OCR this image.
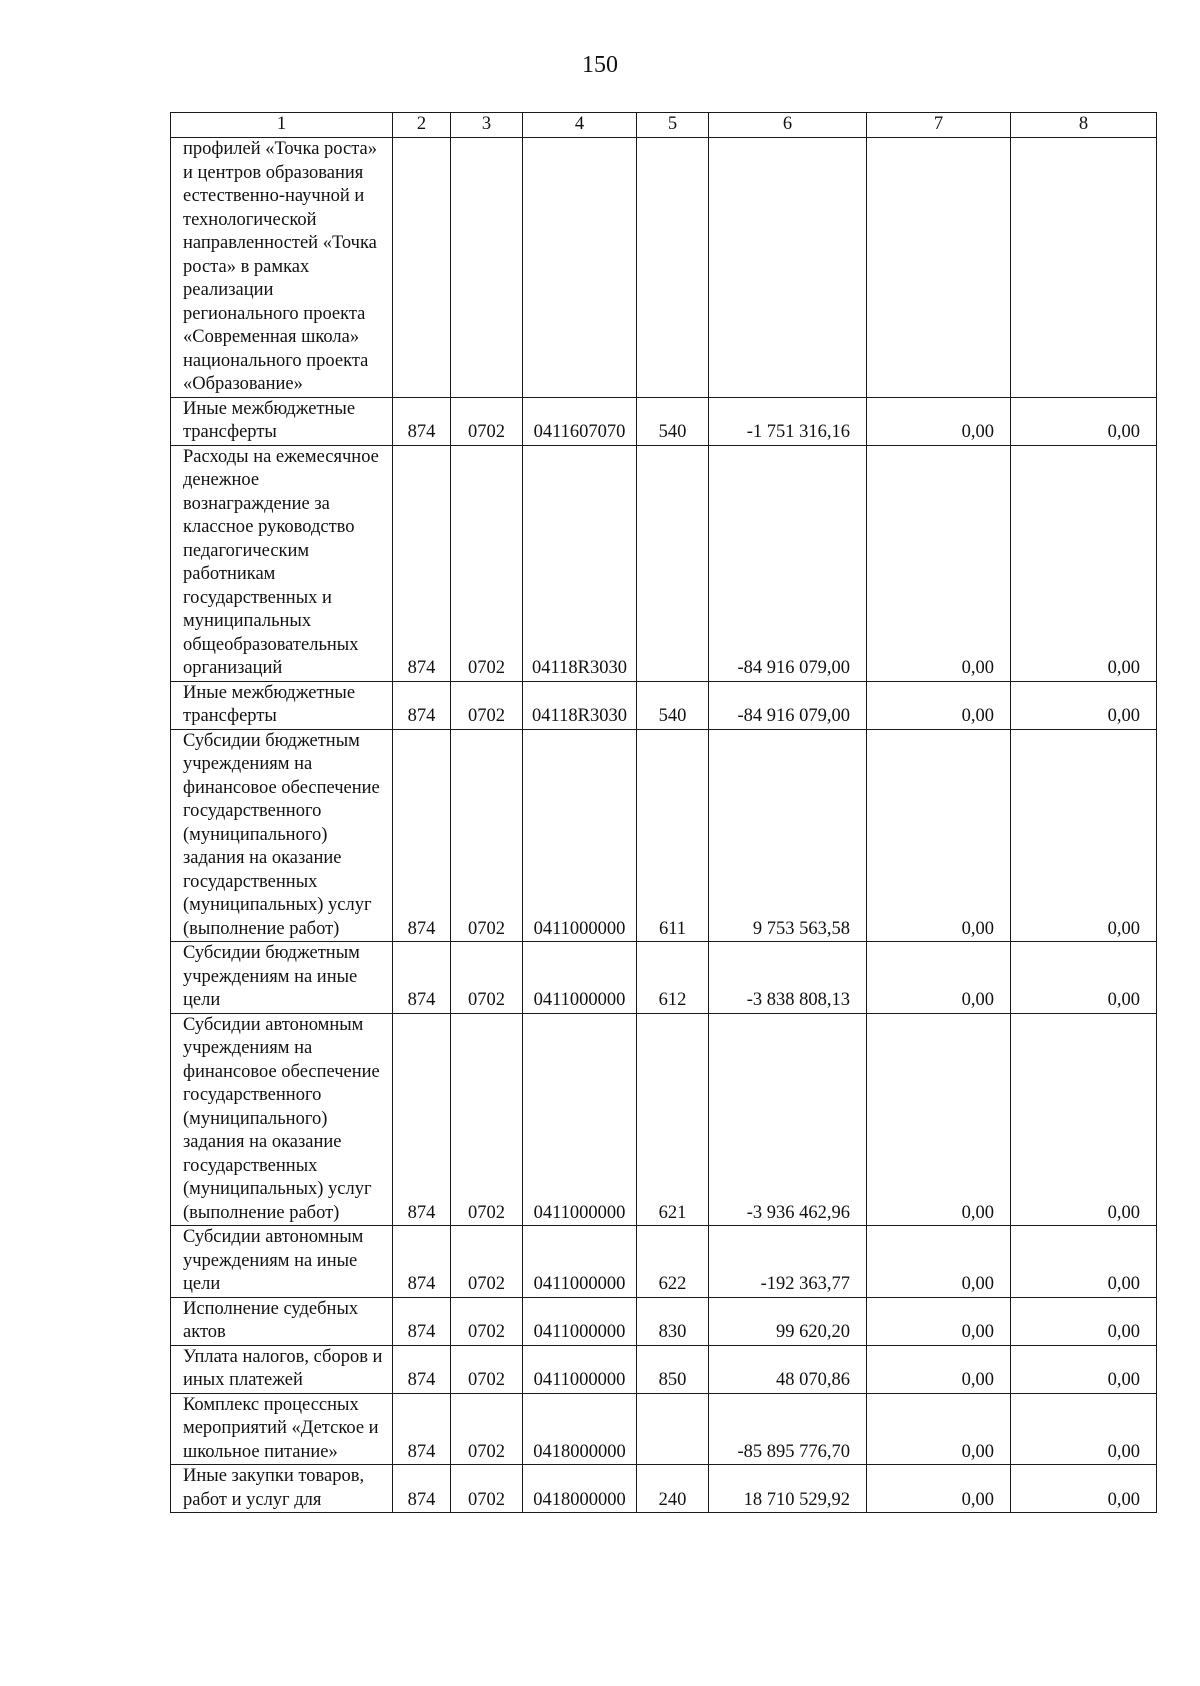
150
1	2	3	4	5	6	7	8
профилей «Точка роста» и центров образования естественно-научной и технологической направленностей «Точка роста» в рамках реализации регионального проекта «Современная школа» национального проекта «Образование»							
Иные межбюджетные трансферты	874	0702	0411607070	540	-1 751 316,16	0,00	0,00
Расходы на ежемесячное денежное вознаграждение за классное руководство педагогическим работникам государственных и муниципальных общеобразовательных организаций	874	0702	04118R3030		-84 916 079,00	0,00	0,00
Иные межбюджетные трансферты	874	0702	04118R3030	540	-84 916 079,00	0,00	0,00
Субсидии бюджетным учреждениям на финансовое обеспечение государственного (муниципального) задания на оказание государственных (муниципальных) услуг (выполнение работ)	874	0702	0411000000	611	9 753 563,58	0,00	0,00
Субсидии бюджетным учреждениям на иные цели	874	0702	0411000000	612	-3 838 808,13	0,00	0,00
Субсидии автономным учреждениям на финансовое обеспечение государственного (муниципального) задания на оказание государственных (муниципальных) услуг (выполнение работ)	874	0702	0411000000	621	-3 936 462,96	0,00	0,00
Субсидии автономным учреждениям на иные цели	874	0702	0411000000	622	-192 363,77	0,00	0,00
Исполнение судебных актов	874	0702	0411000000	830	99 620,20	0,00	0,00
Уплата налогов, сборов и иных платежей	874	0702	0411000000	850	48 070,86	0,00	0,00
Комплекс процессных мероприятий «Детское и школьное питание»	874	0702	0418000000		-85 895 776,70	0,00	0,00
Иные закупки товаров, работ и услуг для	874	0702	0418000000	240	18 710 529,92	0,00	0,00
